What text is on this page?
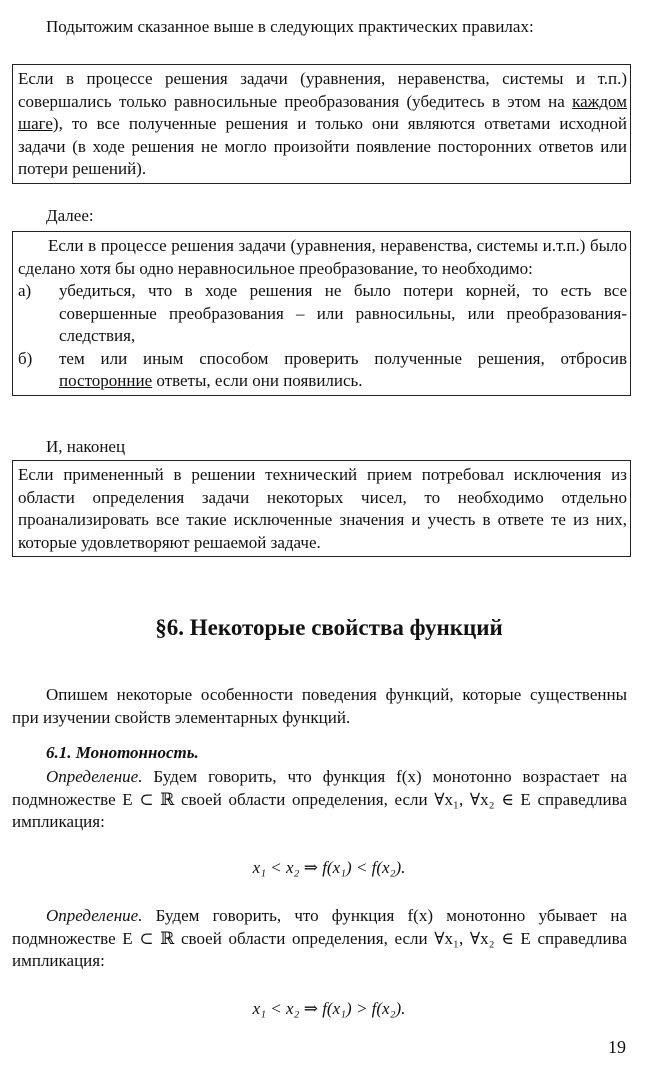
Подытожим сказанное выше в следующих практических правилах:

Если в процессе решения задачи (уравнения, неравенства, системы и т.п.) совершались только равносильные преобразования (убедитесь в этом на каждом шаге), то все полученные решения и только они являются ответами исходной задачи (в ходе решения не могло произойти появление посторонних ответов или потери решений).

Далее:

Если в процессе решения задачи (уравнения, неравенства, системы и.т.п.) было сделано хотя бы одно неравносильное преобразование, то необходимо:
а) убедиться, что в ходе решения не было потери корней, то есть все совершенные преобразования – или равносильны, или преобразования-следствия,
б) тем или иным способом проверить полученные решения, отбросив посторонние ответы, если они появились.

И, наконец

Если примененный в решении технический прием потребовал исключения из области определения задачи некоторых чисел, то необходимо отдельно проанализировать все такие исключенные значения и учесть в ответе те из них, которые удовлетворяют решаемой задаче.
§6. Некоторые свойства функций

Опишем некоторые особенности поведения функций, которые существенны при изучении свойств элементарных функций.

6.1. Монотонность.

Определение. Будем говорить, что функция f(x) монотонно возрастает на подмножестве E ⊂ ℝ своей области определения, если ∀x₁, ∀x₂ ∈ E справедлива импликация:

x₁ < x₂ ⇒ f(x₁) < f(x₂).

Определение. Будем говорить, что функция f(x) монотонно убывает на подмножестве E ⊂ ℝ своей области определения, если ∀x₁, ∀x₂ ∈ E справедлива импликация:

x₁ < x₂ ⇒ f(x₁) > f(x₂).
19
